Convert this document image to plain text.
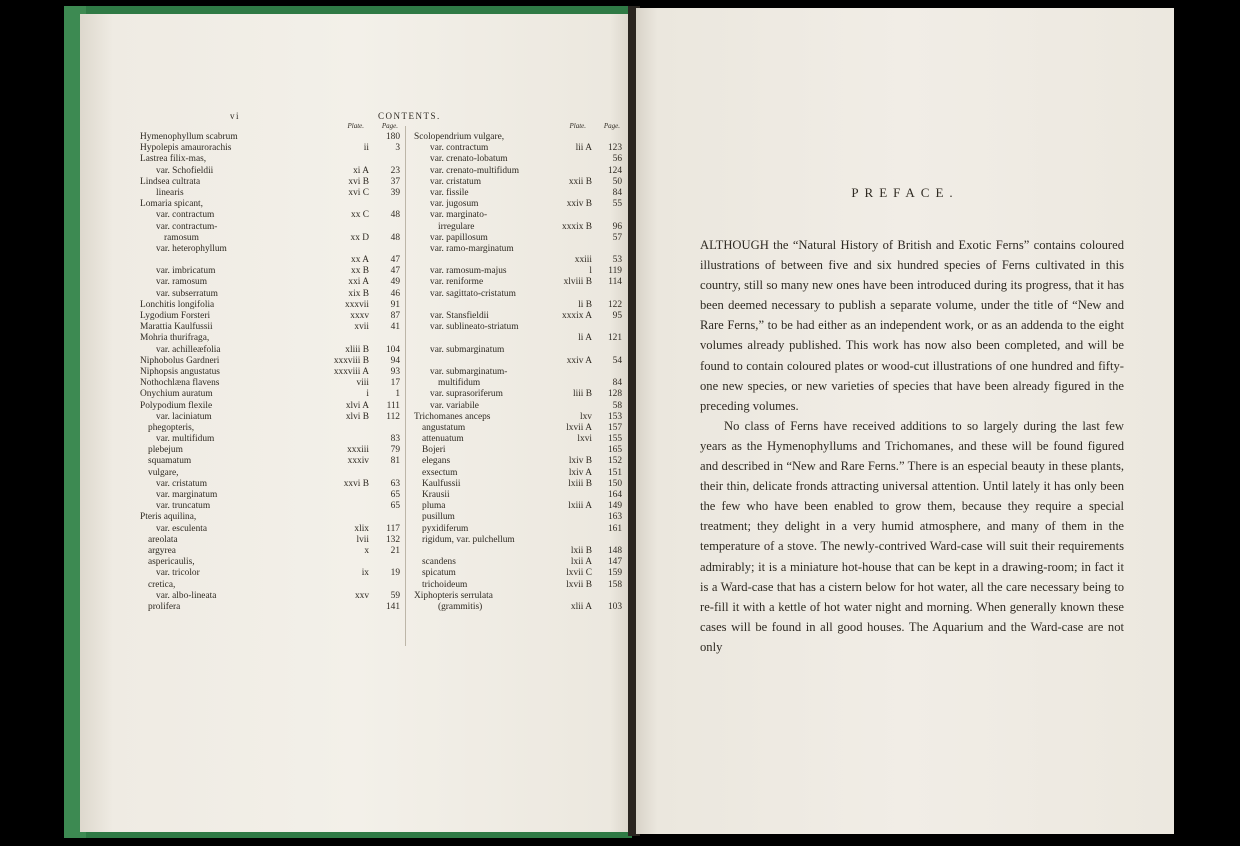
vi	CONTENTS.
Plate.	Page.
Hymenophyllum scabrum	180
Hypolepis amaurorachis	ii	3
Lastrea filix-mas,
var. Schofieldii	xi A	23
Lindsea cultrata	xvi B	37
linearis	xvi C	39
Lomaria spicant,
var. contractum	xx C	48
var. contractum-
ramosum	xx D	48
var. heterophyllum
xx A	47
var. imbricatum	xx B	47
var. ramosum	xxi A	49
var. subserratum	xix B	46
Lonchitis longifolia	xxxvii	91
Lygodium Forsteri	xxxv	87
Marattia Kaulfussii	xvii	41
Mohria thurifraga,
var. achilleæfolia	xliii B	104
Niphobolus Gardneri	xxxviii B	94
Niphopsis angustatus	xxxviii A	93
Nothochlæna flavens	viii	17
Onychium auratum	i	1
Polypodium flexile	xlvi A	111
var. laciniatum	xlvi B	112
phegopteris,
var. multifidum	83
plebejum	xxxiii	79
squamatum	xxxiv	81
vulgare,
var. cristatum	xxvi B	63
var. marginatum	65
var. truncatum	65
Pteris aquilina,
var. esculenta	xlix	117
areolata	lvii	132
argyrea	x	21
aspericaulis,
var. tricolor	ix	19
cretica,
var. albo-lineata	xxv	59
prolifera	141
Plate.	Page.
Scolopendrium vulgare,
var. contractum	lii A	123
var. crenato-lobatum	56
var. crenato-multifidum	124
var. cristatum	xxii B	50
var. fissile	84
var. jugosum	xxiv B	55
var. marginato-
irregulare	xxxix B	96
var. papillosum	57
var. ramo-marginatum
xxiii	53
var. ramosum-majus	l	119
var. reniforme	xlviii B	114
var. sagittato-cristatum
li B	122
var. Stansfieldii	xxxix A	95
var. sublineato-striatum
li A	121
var. submarginatum
xxiv A	54
var. submarginatum-
multifidum	84
var. suprasoriferum	liii B	128
var. variabile	58
Trichomanes anceps	lxv	153
angustatum	lxvii A	157
attenuatum	lxvi	155
Bojeri	165
elegans	lxiv B	152
exsectum	lxiv A	151
Kaulfussii	lxiii B	150
Krausii	164
pluma	lxiii A	149
pusillum	163
pyxidiferum	161
rigidum, var. pulchellum
lxii B	148
scandens	lxii A	147
spicatum	lxvii C	159
trichoideum	lxvii B	158
Xiphopteris serrulata
(grammitis)	xlii A	103
PREFACE.

ALTHOUGH the “Natural History of British and Exotic Ferns” contains coloured illustrations of between five and six hundred species of Ferns cultivated in this country, still so many new ones have been introduced during its progress, that it has been deemed necessary to publish a separate volume, under the title of “New and Rare Ferns,” to be had either as an independent work, or as an addenda to the eight volumes already published. This work has now also been completed, and will be found to contain coloured plates or wood-cut illustrations of one hundred and fifty-one new species, or new varieties of species that have been already figured in the preceding volumes.

No class of Ferns have received additions to so largely during the last few years as the Hymenophyllums and Trichomanes, and these will be found figured and described in “New and Rare Ferns.” There is an especial beauty in these plants, their thin, delicate fronds attracting universal attention. Until lately it has only been the few who have been enabled to grow them, because they require a special treatment; they delight in a very humid atmosphere, and many of them in the temperature of a stove. The newly-contrived Ward-case will suit their requirements admirably; it is a miniature hot-house that can be kept in a drawing-room; in fact it is a Ward-case that has a cistern below for hot water, all the care necessary being to re-fill it with a kettle of hot water night and morning. When generally known these cases will be found in all good houses. The Aquarium and the Ward-case are not only
